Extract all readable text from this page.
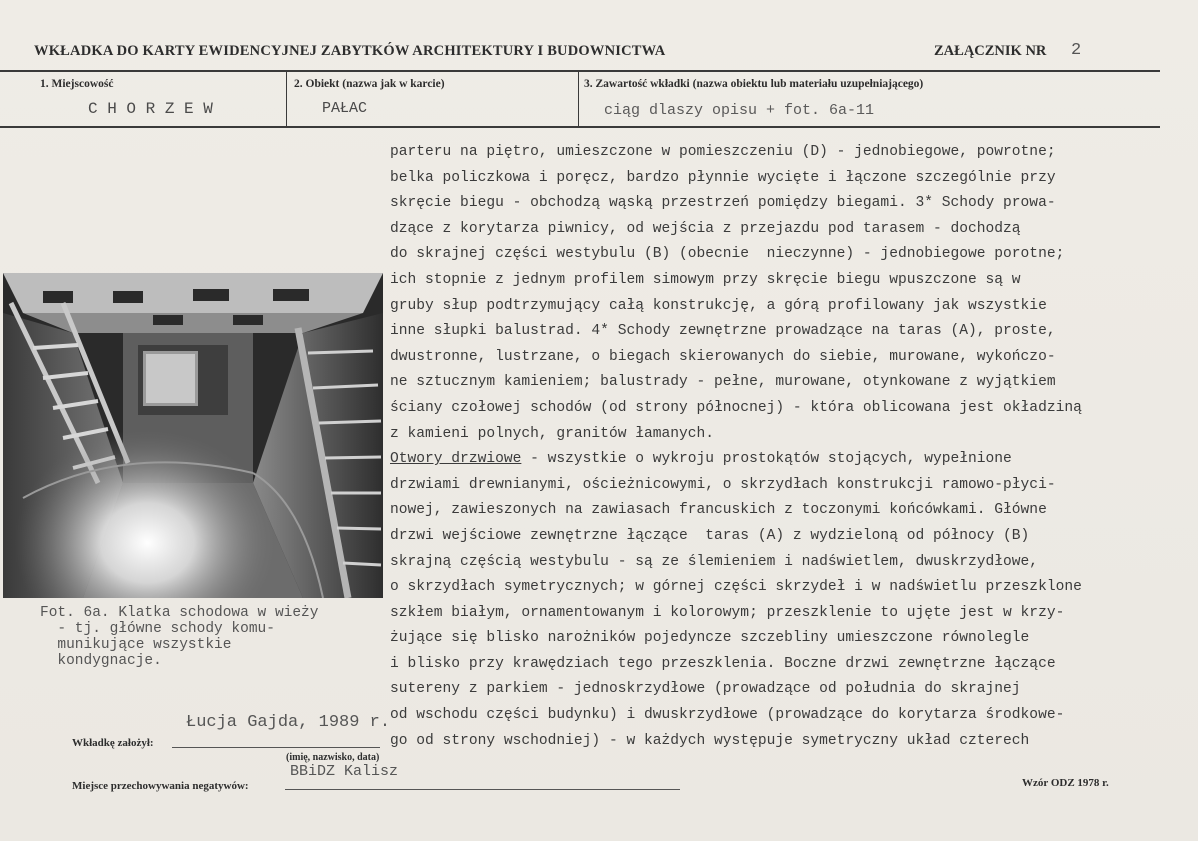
WKŁADKA DO KARTY EWIDENCYJNEJ ZABYTKÓW ARCHITEKTURY I BUDOWNICTWA	ZAŁĄCZNIK NR 2
1. Miejscowość
C H O R Z E W
2. Obiekt (nazwa jak w karcie)
PAŁAC
3. Zawartość wkładki (nazwa obiektu lub materiału uzupełniającego)
ciąg dlaszy opisu + fot. 6a-11
parteru na piętro, umieszczone w pomieszczeniu (D) - jednobiegowe, powrotne;
belka policzkowa i poręcz, bardzo płynnie wycięte i łączone szczególnie przy
skręcie biegu - obchodzą wąską przestrzeń pomiędzy biegami. 3* Schody prowa-
dzące z korytarza piwnicy, od wejścia z przejazdu pod tarasem - dochodzą
do skrajnej części westybulu (B) (obecnie  nieczynne) - jednobiegowe porotne;
ich stopnie z jednym profilem simowym przy skręcie biegu wpuszczone są w
gruby słup podtrzymujący całą konstrukcję, a górą profilowany jak wszystkie
inne słupki balustrad. 4* Schody zewnętrzne prowadzące na taras (A), proste,
dwustronne, lustrzane, o biegach skierowanych do siebie, murowane, wykończo-
ne sztucznym kamieniem; balustrady - pełne, murowane, otynkowane z wyjątkiem
ściany czołowej schodów (od strony północnej) - która oblicowana jest okładziną
z kamieni polnych, granitów łamanych.
Otwory drzwiowe - wszystkie o wykroju prostokątów stojących, wypełnione
drzwiami drewnianymi, ościeżnicowymi, o skrzydłach konstrukcji ramowo-płyci-
nowej, zawieszonych na zawiasach francuskich z toczonymi końcówkami. Główne
drzwi wejściowe zewnętrzne łączące  taras (A) z wydzieloną od północy (B)
skrajną częścią westybulu - są ze ślemieniem i nadświetlem, dwuskrzydłowe,
o skrzydłach symetrycznych; w górnej części skrzydeł i w nadświetlu przeszklone
szkłem białym, ornamentowanym i kolorowym; przeszklenie to ujęte jest w krzy-
żujące się blisko narożników pojedyncze szczebliny umieszczone równolegle
i blisko przy krawędziach tego przeszklenia. Boczne drzwi zewnętrzne łączące
sutereny z parkiem - jednoskrzydłowe (prowadzące od południa do skrajnej
od wschodu części budynku) i dwuskrzydłowe (prowadzące do korytarza środkowe-
go od strony wschodniej) - w każdych występuje symetryczny układ czterech
Fot. 6a. Klatka schodowa w wieży
- tj. główne schody komu-
munikujące wszystkie
kondygnacje.
Wkładkę założył:
Łucja Gajda, 1989 r.
(imię, nazwisko, data)
Miejsce przechowywania negatywów:
BBiDZ Kalisz
Wzór ODZ 1978 r.
